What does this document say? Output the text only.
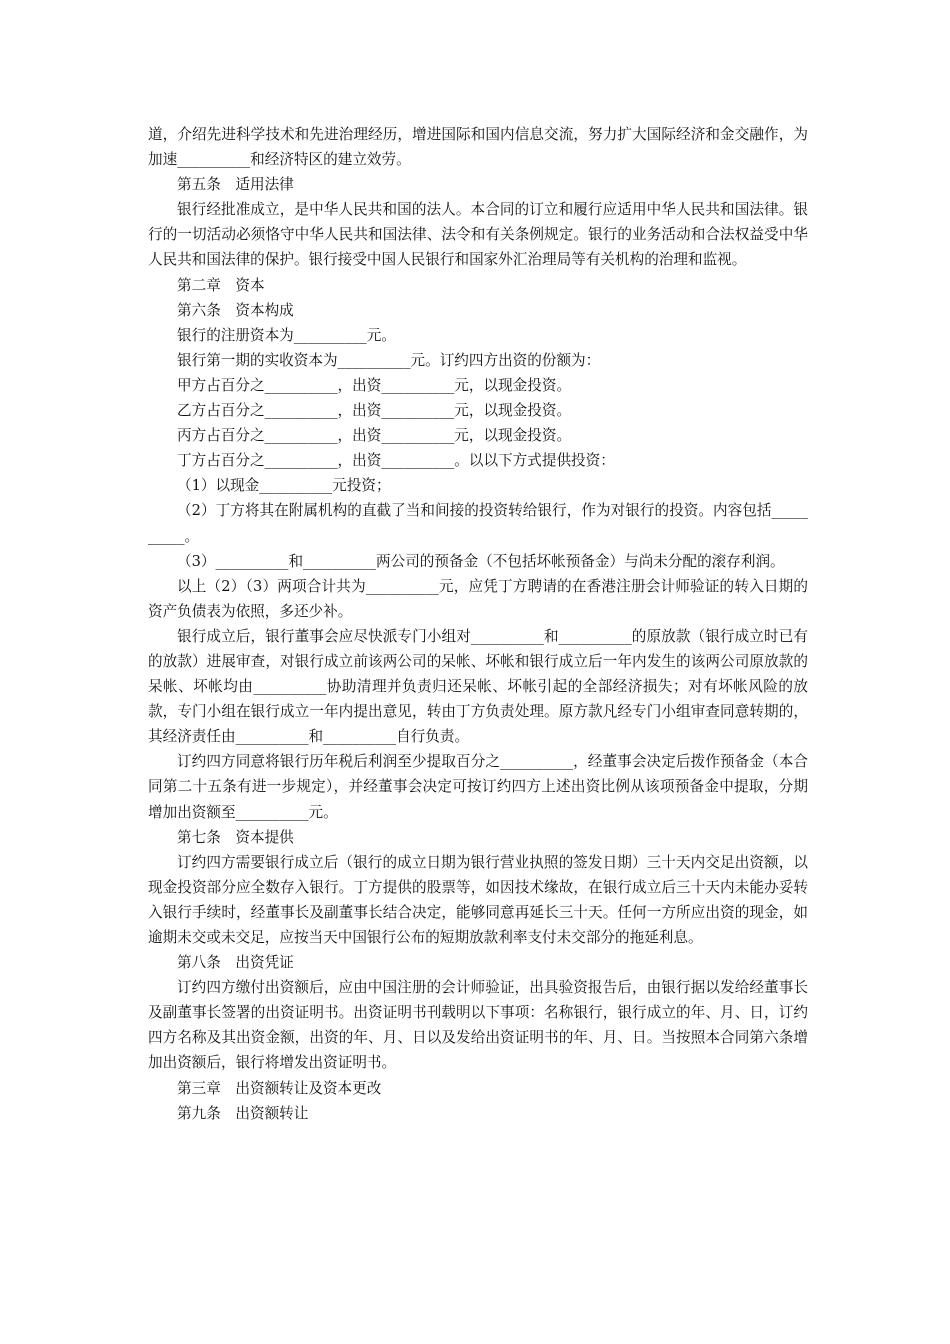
道，介绍先进科学技术和先进治理经历，增进国际和国内信息交流，努力扩大国际经济和金交融作，为加速__________和经济特区的建立效劳。

第五条　适用法律

银行经批准成立，是中华人民共和国的法人。本合同的订立和履行应适用中华人民共和国法律。银行的一切活动必须恪守中华人民共和国法律、法令和有关条例规定。银行的业务活动和合法权益受中华人民共和国法律的保护。银行接受中国人民银行和国家外汇治理局等有关机构的治理和监视。

第二章　资本

第六条　资本构成

银行的注册资本为__________元。

银行第一期的实收资本为__________元。订约四方出资的份额为：

甲方占百分之__________，出资__________元，以现金投资。

乙方占百分之__________，出资__________元，以现金投资。

丙方占百分之__________，出资__________元，以现金投资。

丁方占百分之__________，出资__________。以以下方式提供投资：

（1）以现金__________元投资；

（2）丁方将其在附属机构的直截了当和间接的投资转给银行，作为对银行的投资。内容包括__________。

（3）__________和__________两公司的预备金（不包括坏帐预备金）与尚未分配的滚存利润。

以上（2）（3）两项合计共为__________元，应凭丁方聘请的在香港注册会计师验证的转入日期的资产负债表为依照，多还少补。

银行成立后，银行董事会应尽快派专门小组对__________和__________的原放款（银行成立时已有的放款）进展审查，对银行成立前该两公司的呆帐、坏帐和银行成立后一年内发生的该两公司原放款的呆帐、坏帐均由__________协助清理并负责归还呆帐、坏帐引起的全部经济损失；对有坏帐风险的放款，专门小组在银行成立一年内提出意见，转由丁方负责处理。原方款凡经专门小组审查同意转期的，其经济责任由__________和__________自行负责。

订约四方同意将银行历年税后利润至少提取百分之__________，经董事会决定后拨作预备金（本合同第二十五条有进一步规定），并经董事会决定可按订约四方上述出资比例从该项预备金中提取，分期增加出资额至__________元。

第七条　资本提供

订约四方需要银行成立后（银行的成立日期为银行营业执照的签发日期）三十天内交足出资额，以现金投资部分应全数存入银行。丁方提供的股票等，如因技术缘故，在银行成立后三十天内未能办妥转入银行手续时，经董事长及副董事长结合决定，能够同意再延长三十天。任何一方所应出资的现金，如逾期未交或未交足，应按当天中国银行公布的短期放款利率支付未交部分的拖延利息。

第八条　出资凭证

订约四方缴付出资额后，应由中国注册的会计师验证，出具验资报告后，由银行据以发给经董事长及副董事长签署的出资证明书。出资证明书刊载明以下事项：名称银行，银行成立的年、月、日，订约四方名称及其出资金额，出资的年、月、日以及发给出资证明书的年、月、日。当按照本合同第六条增加出资额后，银行将增发出资证明书。

第三章　出资额转让及资本更改

第九条　出资额转让
